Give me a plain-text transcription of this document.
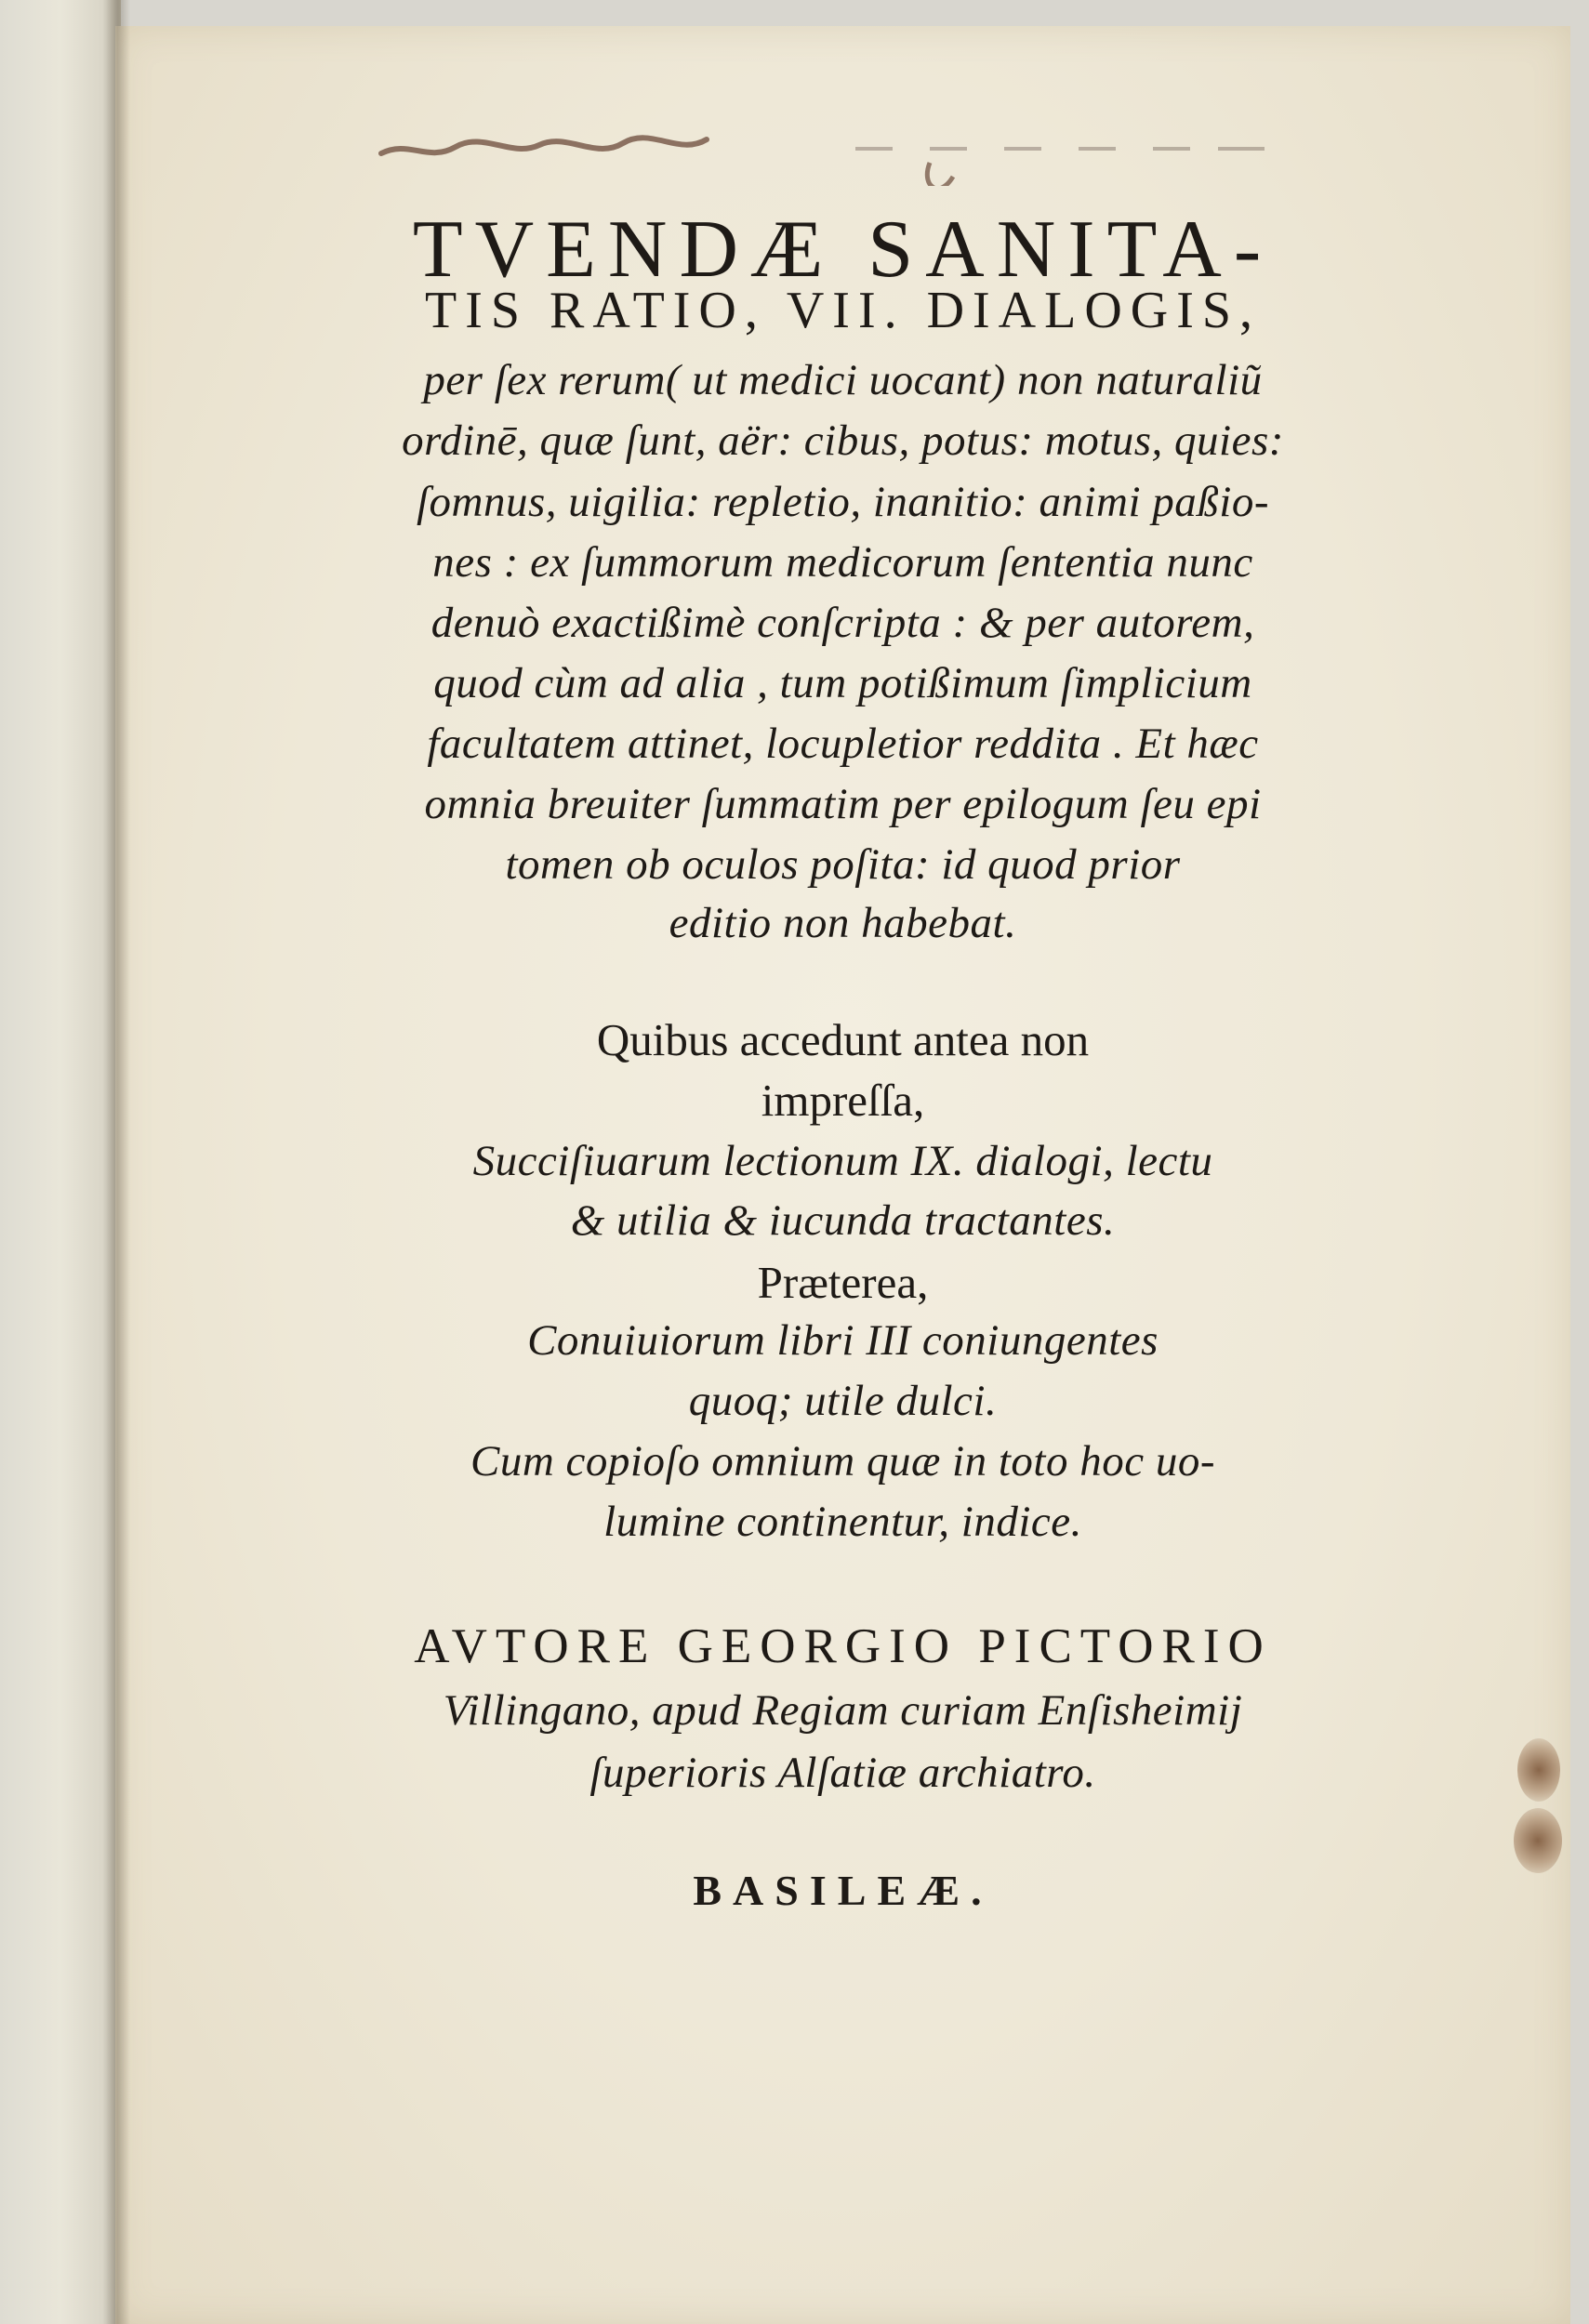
TVENDÆ SANITA-
TIS RATIO, VII. DIALOGIS,
per ſex rerum( ut medici uocant) non naturaliũ
ordinē, quæ ſunt, aër: cibus, potus: motus, quies:
ſomnus, uigilia: repletio, inanitio: animi paßio-
nes : ex ſummorum medicorum ſententia nunc
denuò exactißimè conſcripta : & per autorem,
quod cùm ad alia , tum potißimum ſimplicium
facultatem attinet, locupletior reddita . Et hæc
omnia breuiter ſummatim per epilogum ſeu epi
tomen ob oculos poſita: id quod prior
editio non habebat.
Quibus accedunt antea non
impreſſa,
Succiſiuarum lectionum IX. dialogi, lectu
& utilia & iucunda tractantes.
Præterea,
Conuiuiorum libri III coniungentes
quoq; utile dulci.
Cum copioſo omnium quæ in toto hoc uo-
lumine continentur, indice.
AVTORE GEORGIO PICTORIO
Villingano, apud Regiam curiam Enſisheimij
ſuperioris Alſatiæ archiatro.
BASILEÆ.
